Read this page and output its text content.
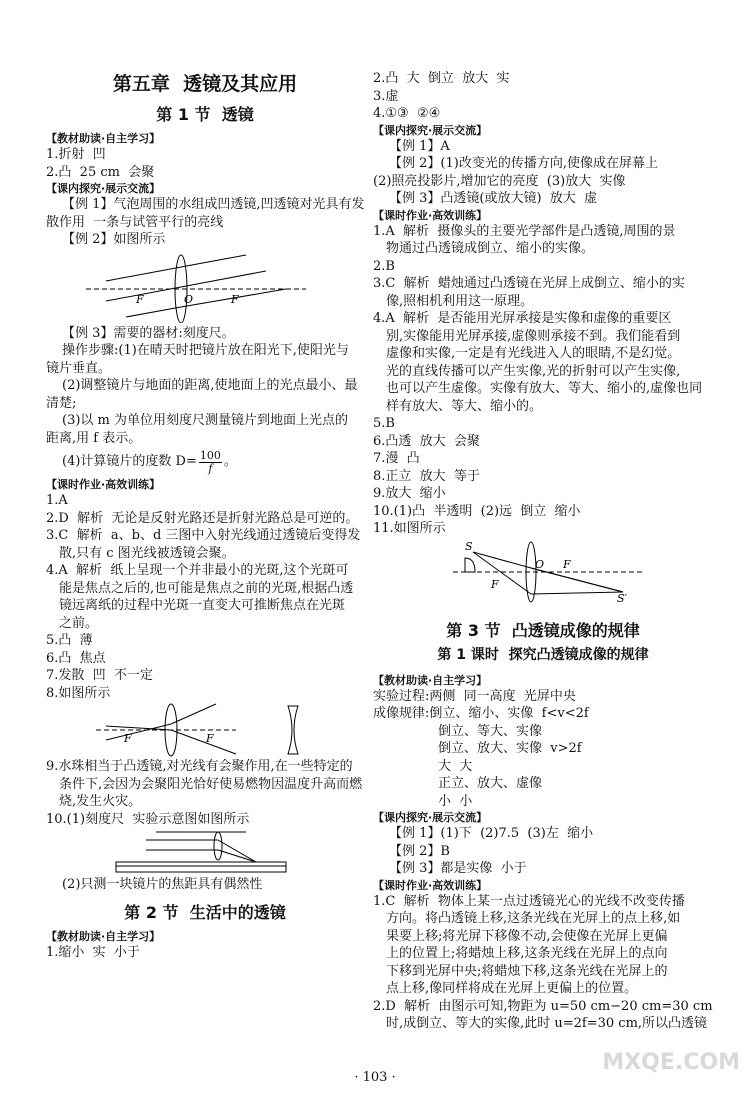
第五章  透镜及其应用
第 1 节  透镜
【教材助读·自主学习】
1.折射  凹
2.凸  25 cm  会聚
【课内探究·展示交流】
【例 1】气泡周围的水组成凹透镜,凹透镜对光具有发
散作用  一条与试管平行的亮线
【例 2】如图所示
F	O	F
【例 3】需要的器材:刻度尺。
操作步骤:(1)在晴天时把镜片放在阳光下,使阳光与
镜片垂直。
(2)调整镜片与地面的距离,使地面上的光点最小、最
清楚;
(3)以 m 为单位用刻度尺测量镜片到地面上光点的
距离,用 f 表示。
(4)计算镜片的度数 $D= \frac{100}{f}$ 。
【课时作业·高效训练】
1.A
2.D  解析  无论是反射光路还是折射光路总是可逆的。
3.C  解析  a、b、d 三图中入射光线通过透镜后变得发
散,只有 c 图光线被透镜会聚。
4.A  解析  纸上呈现一个并非最小的光斑,这个光斑可
能是焦点之后的,也可能是焦点之前的光斑,根据凸透
镜远离纸的过程中光斑一直变大可推断焦点在光斑
之前。
5.凸  薄
6.凸  焦点
7.发散  凹  不一定
8.如图所示
F	F
9.水珠相当于凸透镜,对光线有会聚作用,在一些特定的
条件下,会因为会聚阳光恰好使易燃物因温度升高而燃
烧,发生火灾。
10.(1)刻度尺  实验示意图如图所示
(2)只测一块镜片的焦距具有偶然性
第 2 节  生活中的透镜
【教材助读·自主学习】
1.缩小  实  小于
2.凸  大  倒立  放大  实
3.虚
4.①③  ②④
【课内探究·展示交流】
【例 1】A
【例 2】(1)改变光的传播方向,使像成在屏幕上
(2)照亮投影片,增加它的亮度  (3)放大  实像
【例 3】凸透镜(或放大镜)  放大  虚
【课时作业·高效训练】
1.A  解析  摄像头的主要光学部件是凸透镜,周围的景
物通过凸透镜成倒立、缩小的实像。
2.B
3.C  解析  蜡烛通过凸透镜在光屏上成倒立、缩小的实
像,照相机利用这一原理。
4.A  解析  是否能用光屏承接是实像和虚像的重要区
别,实像能用光屏承接,虚像则承接不到。我们能看到
虚像和实像,一定是有光线进入人的眼睛,不是幻觉。
光的直线传播可以产生实像,光的折射可以产生实像,
也可以产生虚像。实像有放大、等大、缩小的,虚像也同
样有放大、等大、缩小的。
5.B
6.凸透  放大  会聚
7.漫  凸
8.正立  放大  等于
9.放大  缩小
10.(1)凸  半透明  (2)远  倒立  缩小
11.如图所示
S
F
O F
S′
第 3 节  凸透镜成像的规律
第 1 课时  探究凸透镜成像的规律
【教材助读·自主学习】
实验过程:两侧  同一高度  光屏中央
成像规律:倒立、缩小、实像  f<v<2f
倒立、等大、实像
倒立、放大、实像  v>2f
大  大
正立、放大、虚像
小  小
【课内探究·展示交流】
【例 1】(1)下  (2)7.5  (3)左  缩小
【例 2】B
【例 3】都是实像  小于
【课时作业·高效训练】
1.C  解析  物体上某一点过透镜光心的光线不改变传播
方向。将凸透镜上移,这条光线在光屏上的点上移,如
果要上移;将光屏下移像不动,会使像在光屏上更偏
上的位置上;将蜡烛上移,这条光线在光屏上的点向
下移到光屏中央;将蜡烛下移,这条光线在光屏上的
点上移,像同样将成在光屏上更偏上的位置。
2.D  解析  由图示可知,物距为 u=50 cm−20 cm=30 cm
时,成倒立、等大的实像,此时 u=2f=30 cm,所以凸透镜
· 103 ·
MXQE.COM
